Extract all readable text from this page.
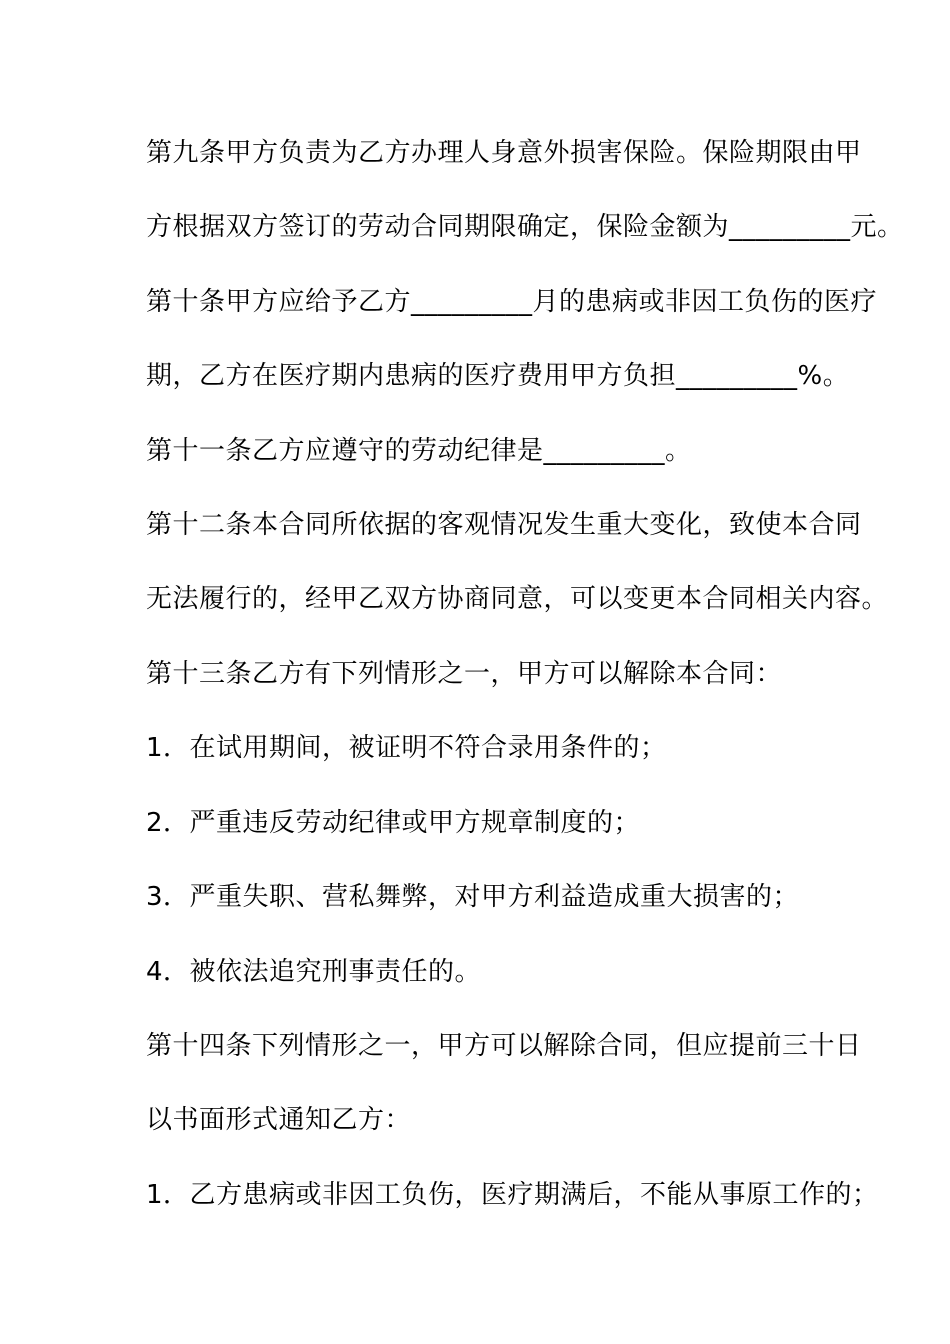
第九条甲方负责为乙方办理人身意外损害保险。保险期限由甲
方根据双方签订的劳动合同期限确定，保险金额为_________元。
第十条甲方应给予乙方_________月的患病或非因工负伤的医疗
期，乙方在医疗期内患病的医疗费用甲方负担_________%。
第十一条乙方应遵守的劳动纪律是_________。
第十二条本合同所依据的客观情况发生重大变化，致使本合同
无法履行的，经甲乙双方协商同意，可以变更本合同相关内容。
第十三条乙方有下列情形之一，甲方可以解除本合同：
1．在试用期间，被证明不符合录用条件的；
2．严重违反劳动纪律或甲方规章制度的；
3．严重失职、营私舞弊，对甲方利益造成重大损害的；
4．被依法追究刑事责任的。
第十四条下列情形之一，甲方可以解除合同，但应提前三十日
以书面形式通知乙方：
1．乙方患病或非因工负伤，医疗期满后，不能从事原工作的；
